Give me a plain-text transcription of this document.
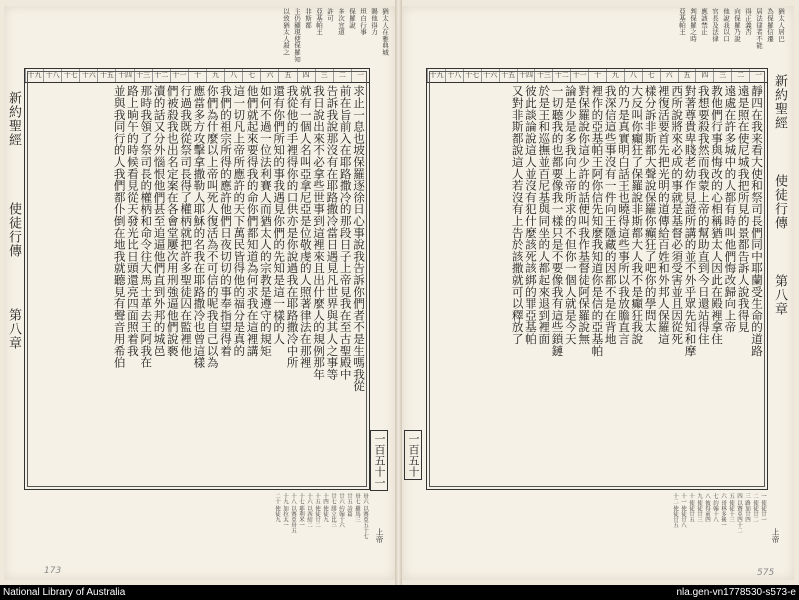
猶太人在雅典城
賜他得力
坦白行事
保羅說
多次宣道
許可
亞基帕王
非斯都
主仍顯現使保羅知
以致猶太人殺之
新約聖經
使徒行傳
第八章
一
二
三
四
五
六
七
八
九
十
十一
十二
十三
十四
十五
十六
十七
十八
十九
求止一息也坡保羅逐徐日心事說我告訴你們者不是生嗎我從
前在旨前入在耶路撒冷的那段日子上帝見我在至古聖殿中
告訴我說那沒有在耶路撒冷當日遇見凡世界與其人之事等
我日說出來不必拿些世事到這裡來且出什麼人的規例那年
就有一個人名叫亞拿尼亞是位敬虔的人照著律法在那裡
我從他的手裡得你的口供亦是你說過我在耶路撒冷中所
還有你們所知的事我遇見你們的先知是這一樣的人
如何不過一位法利賽人而猶太人的宗教是遵守的規矩
他們就起來要得我的命你們都知道為何求我在這裡講
這一切凡上帝所應許的天下萬民皆得他的福分是真的
我們的祖宗所得的應許他們日夜切切的事奉指望得着
你們為什麼以上帝叫死人復活為不可信的呢我自己以為
應當多方攻擊拿撒勒人耶穌的名我在耶路撒冷也曾這樣
行過我既從祭司長得了權柄就把許多聖徒囚在監裡他
們被殺我也出名定案在各會堂屢次用刑強逼他們說褻
瀆的話又分外惱恨他們甚至追逼他們直到外邦的城邑
那時我領了祭司長的權柄和命令往大馬士革去王阿我在
路上晌午的時候看見從天發光比日頭還亮四面照着我
並與我同行的人我們都仆倒在地我就聽見有聲音用希伯
一百五十一
上帝
卅六 以賽亞五十七
卅七 羅馬三
廿五 詩篇
廿六 約翰十六
廿七 腓立比三
十四 使徒九
十五 使徒廿二
十六 以西結二
十七 耶利米一
十八 以賽亞卅五
十九 加拉太一
二十 使徒九
173
猶太人居巴
為保羅信遷
居法律者不能
得正義否
向保羅乃說
他說我以口
官長及法律
應該禁止
判保羅之時
亞基帕王
一
二
三
四
五
六
七
八
九
十
十一
十二
十三
十四
十五
十六
十七
十八
十九
靜四在我来看大使和祭司長們同中耶蘭受生命的道路
遠是照在使尼城我把所見的景都告訴人說我得見
遠處在許多城中的人都有時叫他們悔改歸向上帝
教他們行事與悔改的心相稱猶太人因此在殿裡拿住
我想要殺我然而我蒙上帝的幫助直到今日還站得住
對著尊貴卑賤老幼作見證所講的並不外乎眾先知和摩
西所說將來必成的事就是基督必須受害並且因從死
裡復活要首先把光明的道傳給百姓和外邦人保羅這
樣分訴非斯都大聲說保羅你癲狂了吧你的學問太
大反叫你癲狂了保羅說非斯都大人我不是癲狂我說
的乃是真實明白話王也曉得這些事所以我放膽直言
我深信這些事沒有一件向王隱藏的因都不是在背地
裡作的亞基帕王阿你信先知麼我知道你是信的亞基帕
對保羅說你這少許的話便叫我作基督徒阿保羅說無
論是少是多我向上帝所求的不但你一個人就是今天
一切聽我的也都要像我一樣只是不要像我有這些鎖鏈
於是王和巡撫並百尼基與同坐的人都起來退到裡面
彼此談論說這人並沒有犯什麼該死該綁的罪亞基帕
又對非斯都說這人若沒有上告於該撒就可以釋放了	新約聖經
使徒行傳
第八章
一百五十
上帝
一 使徒廿一
二 使徒廿二
三 路加廿四
四 以賽亞四十二
五 使徒十三
六 哥林多後一
七 約翰十八
八 彼得前四
九 使徒廿三
十 使徒廿五
十一 使徒廿八
十二 使徒廿五
575
National Library of Australia	nla.gen-vn1778530-s573-e
